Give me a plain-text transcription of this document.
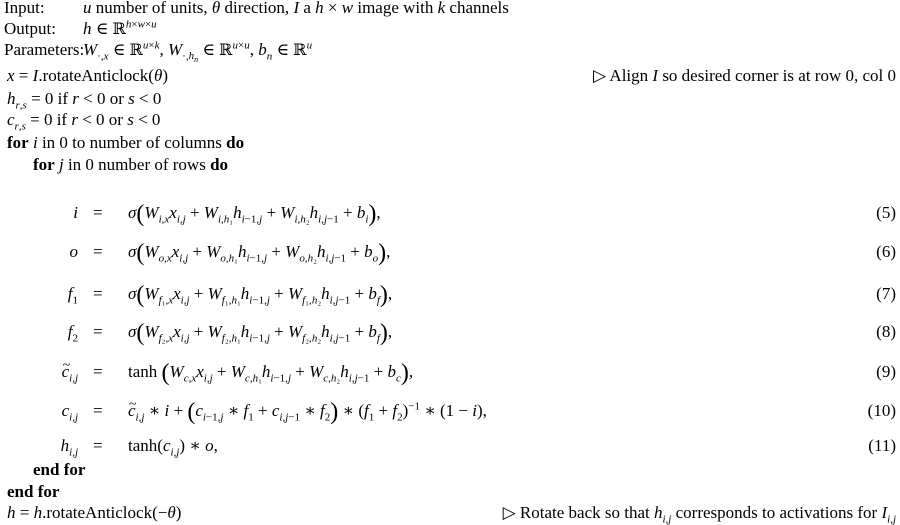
Input: u number of units, θ direction, I a h × w image with k channels
Output: h ∈ ℝ$^{h\times w\times u}$
$Parameters:W_{\cdot,x}$ ∈ ℝ$^{u\times k}$, $W_{\cdot,h_n}$ ∈ ℝ$^{u\times u}$, $b_n$ ∈ ℝ$^u$
x = I.rotateAnticlock(θ)	▷ Align I so desired corner is at row 0, col 0
$h_{r,s} = 0$ if r < 0 or s < 0
$c_{r,s} = 0$ if r < 0 or s < 0
for i in 0 to number of columns do
for j in 0 number of rows do
$i = \sigma(W_{i,x}x_{i,j} + W_{i,h_1}h_{i-1,j} + W_{i,h_2}h_{i,j-1} + b_i)$,	(5)
$o = \sigma(W_{o,x}x_{i,j} + W_{o,h_1}h_{i-1,j} + W_{o,h_2}h_{i,j-1} + b_o)$,	(6)
$f_1 = \sigma(W_{f_1,x}x_{i,j} + W_{f_1,h_1}h_{i-1,j} + W_{f_1,h_2}h_{i,j-1} + b_f)$,	(7)
$f_2 = \sigma(W_{f_2,x}x_{i,j} + W_{f_2,h_1}h_{i-1,j} + W_{f_2,h_2}h_{i,j-1} + b_f)$,	(8)
~ $c_{i,j} = \tanh (W_{c,x}x_{i,j} + W_{c,h_1}h_{i-1,j} + W_{c,h_2}h_{i,j-1} + b_c)$,	(9)
$c_{i,j}$ =
~ $c_{i,j}$ ∗ $i + (c_{i-1,j}$ ∗ $f_1 + c_{i,j-1}$ ∗ $f_2$) ∗ $(f_1 + f_2)^{-1}$ ∗ (1 − i),	(10)
$h_{i,j} = \tanh(c_{i,j})$ ∗ o,	(11)
end for
end for
h = h.rotateAnticlock(−θ)	▷ Rotate back so that $h_{i,j}$ corresponds to activations for $I_{i,j}$
